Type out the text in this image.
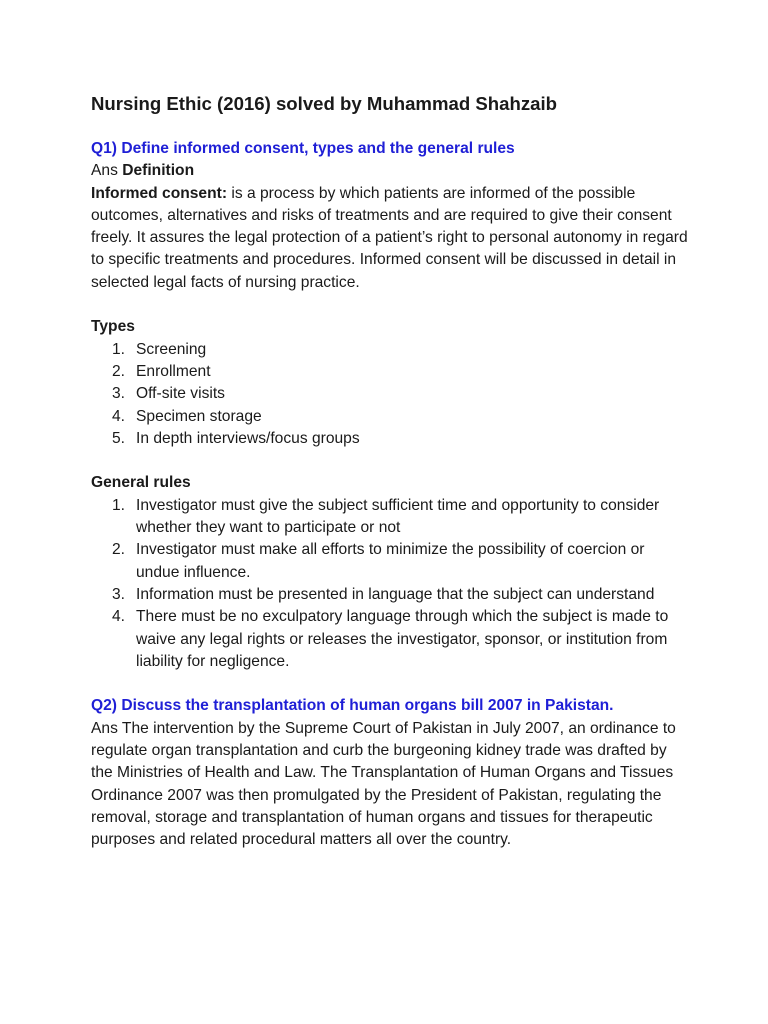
Nursing Ethic (2016) solved by Muhammad Shahzaib

Q1) Define informed consent, types and the general rules

Ans Definition

Informed consent: is a process by which patients are informed of the possible outcomes, alternatives and risks of treatments and are required to give their consent freely. It assures the legal protection of a patient’s right to personal autonomy in regard to specific treatments and procedures. Informed consent will be discussed in detail in selected legal facts of nursing practice.

Types

1. Screening
2. Enrollment
3. Off-site visits
4. Specimen storage
5. In depth interviews/focus groups

General rules

1. Investigator must give the subject sufficient time and opportunity to consider whether they want to participate or not
2. Investigator must make all efforts to minimize the possibility of coercion or undue influence.
3. Information must be presented in language that the subject can understand
4. There must be no exculpatory language through which the subject is made to waive any legal rights or releases the investigator, sponsor, or institution from liability for negligence.

Q2) Discuss the transplantation of human organs bill 2007 in Pakistan.

Ans The intervention by the Supreme Court of Pakistan in July 2007, an ordinance to regulate organ transplantation and curb the burgeoning kidney trade was drafted by the Ministries of Health and Law. The Transplantation of Human Organs and Tissues Ordinance 2007 was then promulgated by the President of Pakistan, regulating the removal, storage and transplantation of human organs and tissues for therapeutic purposes and related procedural matters all over the country.
